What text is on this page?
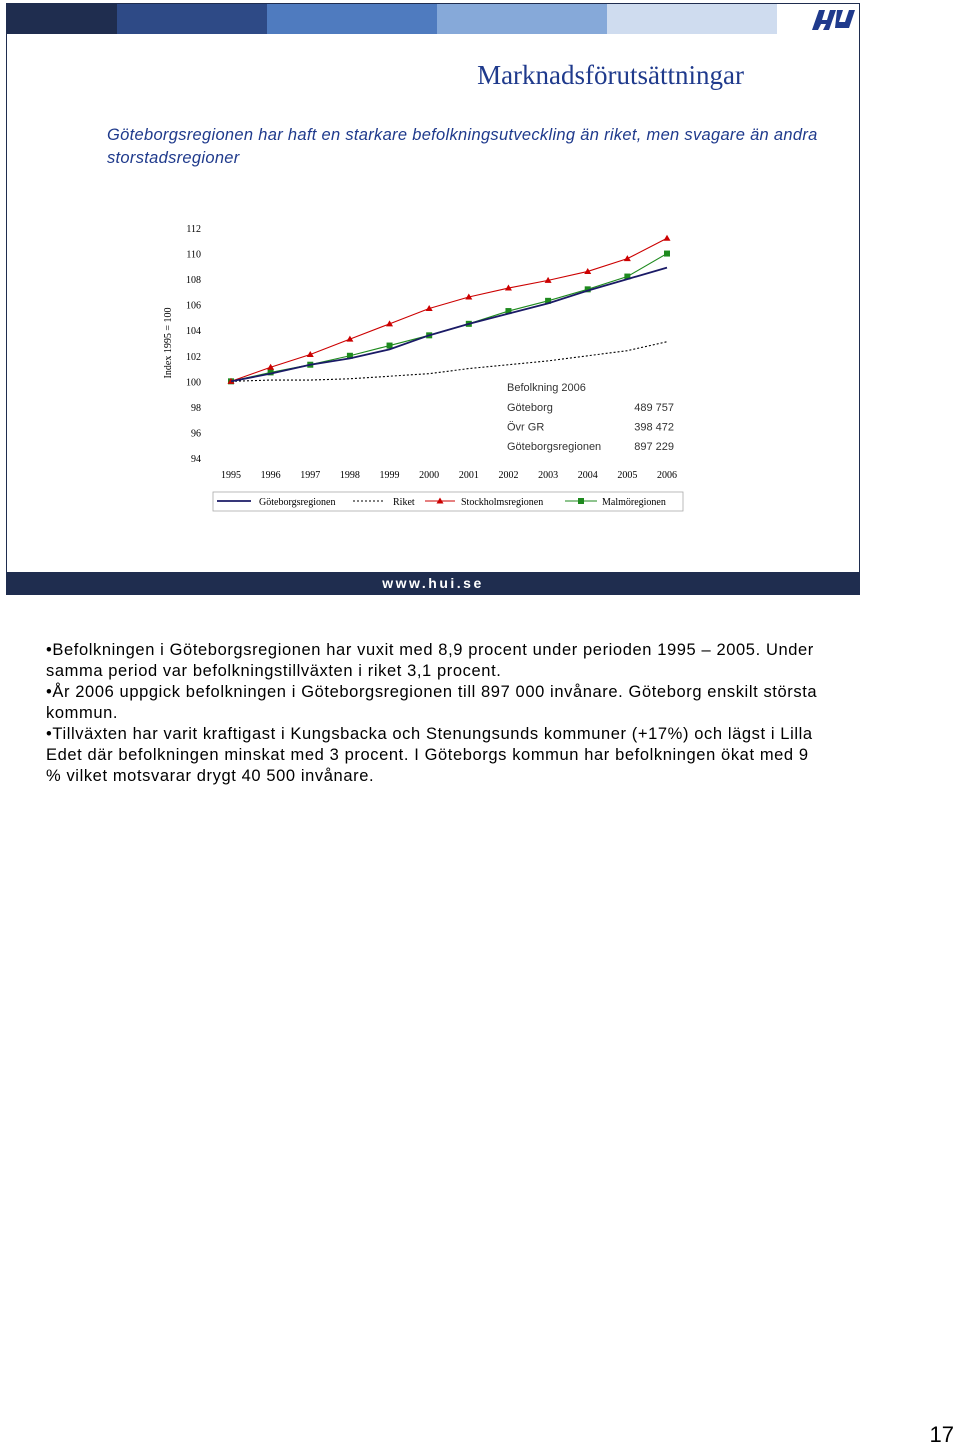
Marknadsförutsättningar
Göteborgsregionen har haft en starkare befolkningsutveckling än riket, men svagare än andra storstadsregioner
94
96
98
100
102
104
106
108
110
112
1995 1996 1997 1998 1999 2000 2001 2002 2003 2004 2005 2006
Index 1995 = 100
Befolkning 2006
Göteborg	489 757
Övr GR	398 472
Göteborgsregionen	897 229
Göteborgsregionen	Riket	Stockholmsregionen	Malmöregionen
www.hui.se

•Befolkningen i Göteborgsregionen har vuxit med 8,9 procent under perioden 1995 – 2005. Under samma period var befolkningstillväxten i riket 3,1 procent.

•År 2006 uppgick befolkningen i Göteborgsregionen till 897 000 invånare. Göteborg enskilt största kommun.

•Tillväxten har varit kraftigast i Kungsbacka och Stenungsunds kommuner (+17%) och lägst i Lilla Edet där befolkningen minskat med 3 procent. I Göteborgs kommun har befolkningen ökat med 9 % vilket motsvarar drygt 40 500 invånare.

17
